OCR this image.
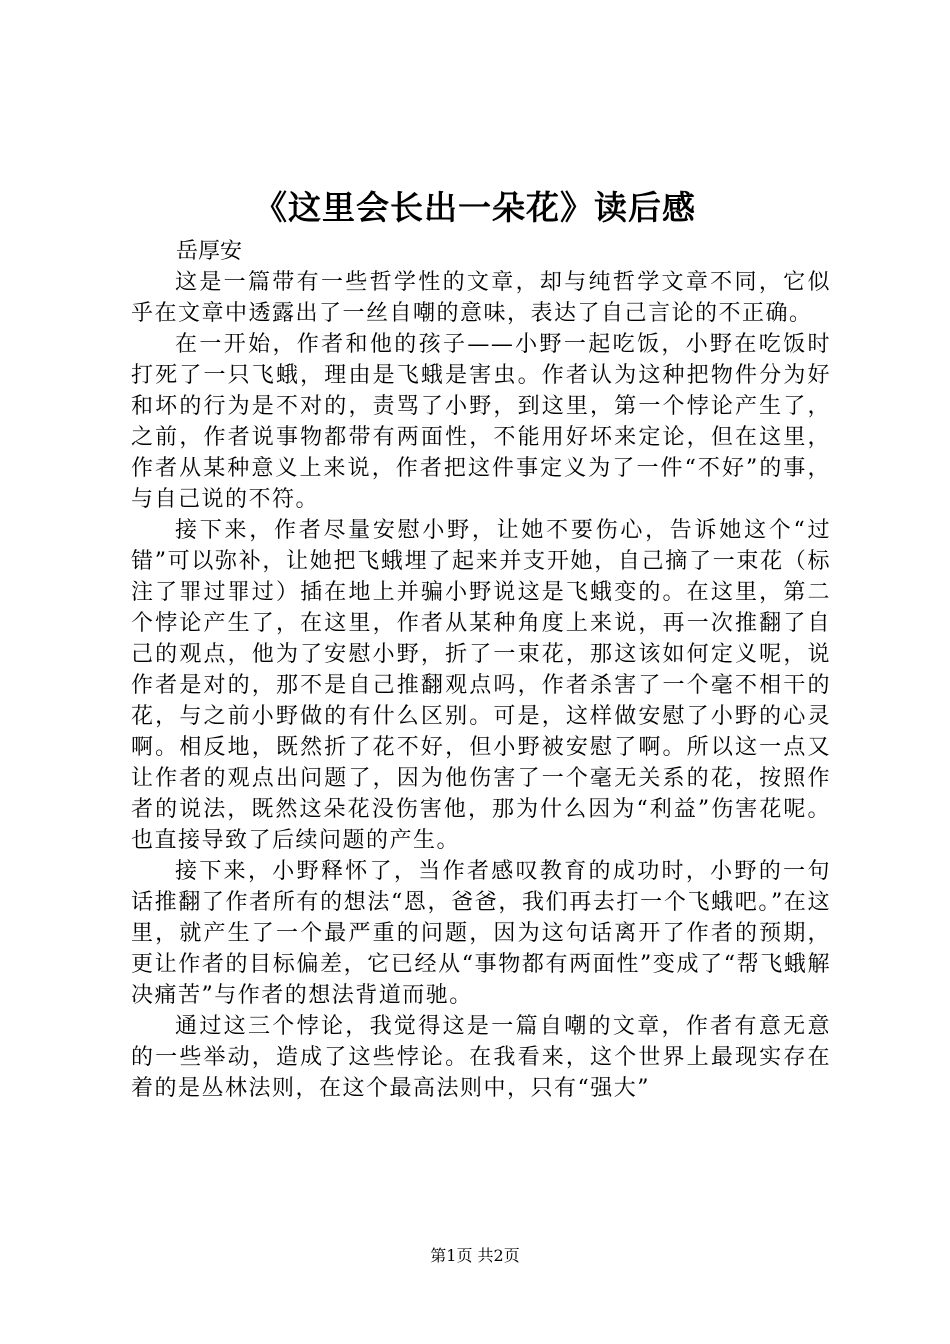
《这里会长出一朵花》读后感
岳厚安

这是一篇带有一些哲学性的文章，却与纯哲学文章不同，它似乎在文章中透露出了一丝自嘲的意味，表达了自己言论的不正确。

在一开始，作者和他的孩子——小野一起吃饭，小野在吃饭时打死了一只飞蛾，理由是飞蛾是害虫。作者认为这种把物件分为好和坏的行为是不对的，责骂了小野，到这里，第一个悖论产生了，之前，作者说事物都带有两面性，不能用好坏来定论，但在这里，作者从某种意义上来说，作者把这件事定义为了一件“不好”的事，与自己说的不符。

接下来，作者尽量安慰小野，让她不要伤心，告诉她这个“过错”可以弥补，让她把飞蛾埋了起来并支开她，自己摘了一束花（标注了罪过罪过）插在地上并骗小野说这是飞蛾变的。在这里，第二个悖论产生了，在这里，作者从某种角度上来说，再一次推翻了自己的观点，他为了安慰小野，折了一束花，那这该如何定义呢，说作者是对的，那不是自己推翻观点吗，作者杀害了一个毫不相干的花，与之前小野做的有什么区别。可是，这样做安慰了小野的心灵啊。相反地，既然折了花不好，但小野被安慰了啊。所以这一点又让作者的观点出问题了，因为他伤害了一个毫无关系的花，按照作者的说法，既然这朵花没伤害他，那为什么因为“利益”伤害花呢。也直接导致了后续问题的产生。

接下来，小野释怀了，当作者感叹教育的成功时，小野的一句话推翻了作者所有的想法“恩，爸爸，我们再去打一个飞蛾吧。”在这里，就产生了一个最严重的问题，因为这句话离开了作者的预期，更让作者的目标偏差，它已经从“事物都有两面性”变成了“帮飞蛾解决痛苦”与作者的想法背道而驰。

通过这三个悖论，我觉得这是一篇自嘲的文章，作者有意无意的一些举动，造成了这些悖论。在我看来，这个世界上最现实存在着的是丛林法则，在这个最高法则中，只有“强大”

第1页 共2页
